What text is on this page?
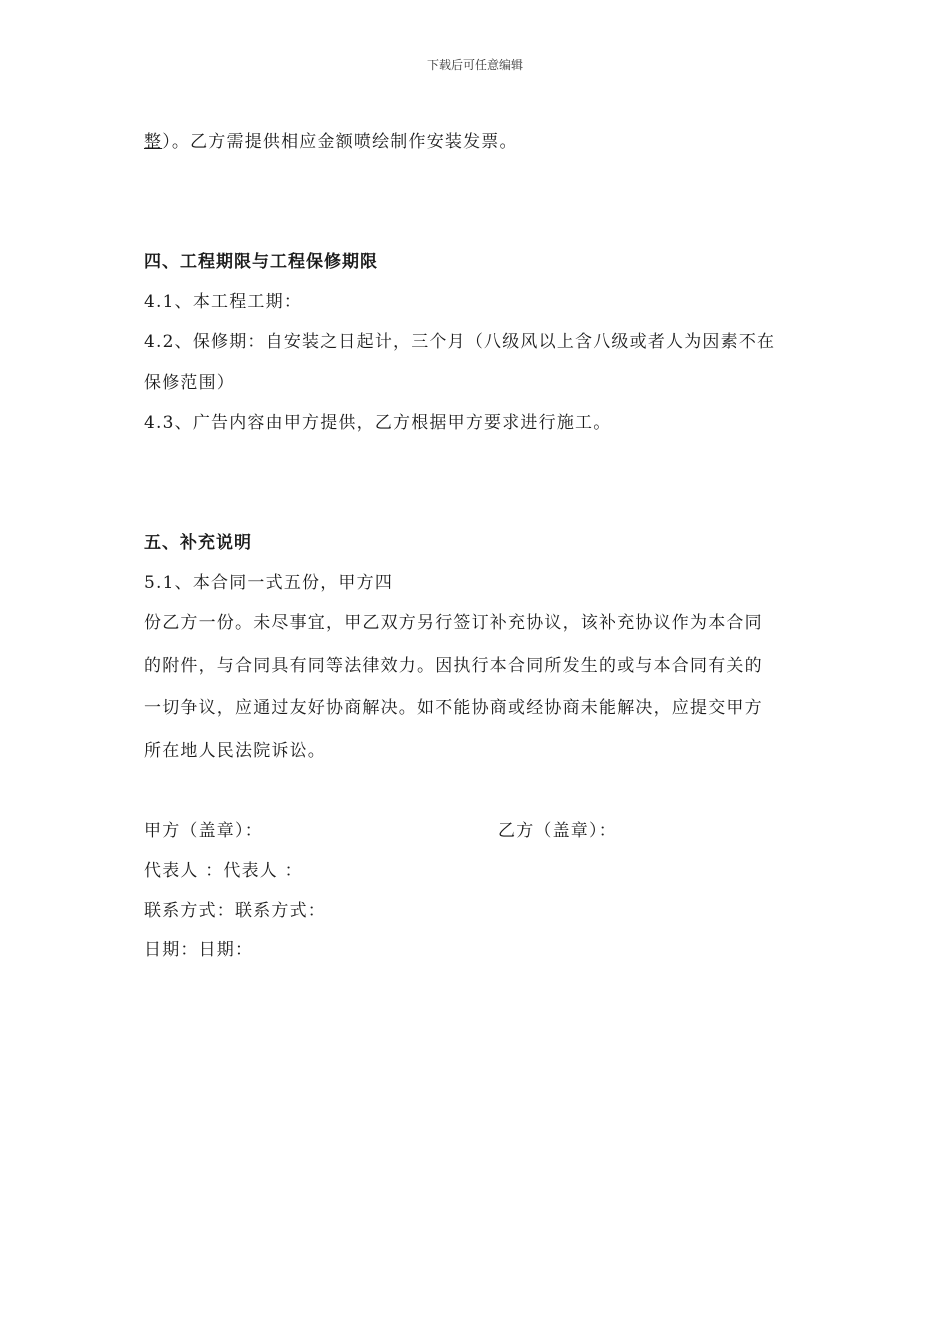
下载后可任意编辑
整）。乙方需提供相应金额喷绘制作安装发票。
四、工程期限与工程保修期限
4.1、本工程工期：
4.2、保修期：自安装之日起计，三个月（八级风以上含八级或者人为因素不在
保修范围）
4.3、广告内容由甲方提供，乙方根据甲方要求进行施工。
五、补充说明
5.1、本合同一式五份，甲方四
份乙方一份。未尽事宜，甲乙双方另行签订补充协议，该补充协议作为本合同
的附件，与合同具有同等法律效力。因执行本合同所发生的或与本合同有关的
一切争议，应通过友好协商解决。如不能协商或经协商未能解决，应提交甲方
所在地人民法院诉讼。
甲方（盖章）：	乙方（盖章）：
代表人 ：代表人 ：
联系方式：联系方式：
日期：日期：
